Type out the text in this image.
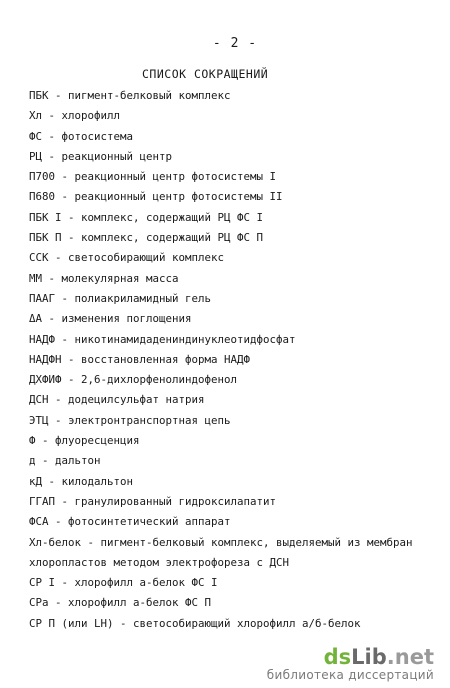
- 2 -
СПИСОК СОКРАЩЕНИЙ
ПБК - пигмент-белковый комплекс
Хл - хлорофилл
ФС - фотосистема
РЦ - реакционный центр
П700 - реакционный центр фотосистемы I
П680 - реакционный центр фотосистемы II
ПБК I - комплекс, содержащий РЦ ФС I
ПБК П - комплекс, содержащий РЦ ФС П
ССК - светособирающий комплекс
ММ - молекулярная масса
ПААГ - полиакриламидный гель
ΔА - изменения поглощения
НАДФ - никотинамидадениндинуклеотидфосфат
НАДФН - восстановленная форма НАДФ
ДХФИФ - 2,6-дихлорфенолиндофенол
ДСН - додецилсульфат натрия
ЭТЦ - электронтранспортная цепь
Ф - флуоресценция
д - дальтон
кД - килодальтон
ГГАП - гранулированный гидроксилапатит
ФСА - фотосинтетический аппарат
Хл-белок - пигмент-белковый комплекс, выделяемый из мембран
хлоропластов методом электрофореза с ДСН
СР I - хлорофилл а-белок ФС I
СРа - хлорофилл а-белок ФС П
СР П (или LН) - светособирающий хлорофилл а/б-белок
dsLib.net
библиотека диссертаций
